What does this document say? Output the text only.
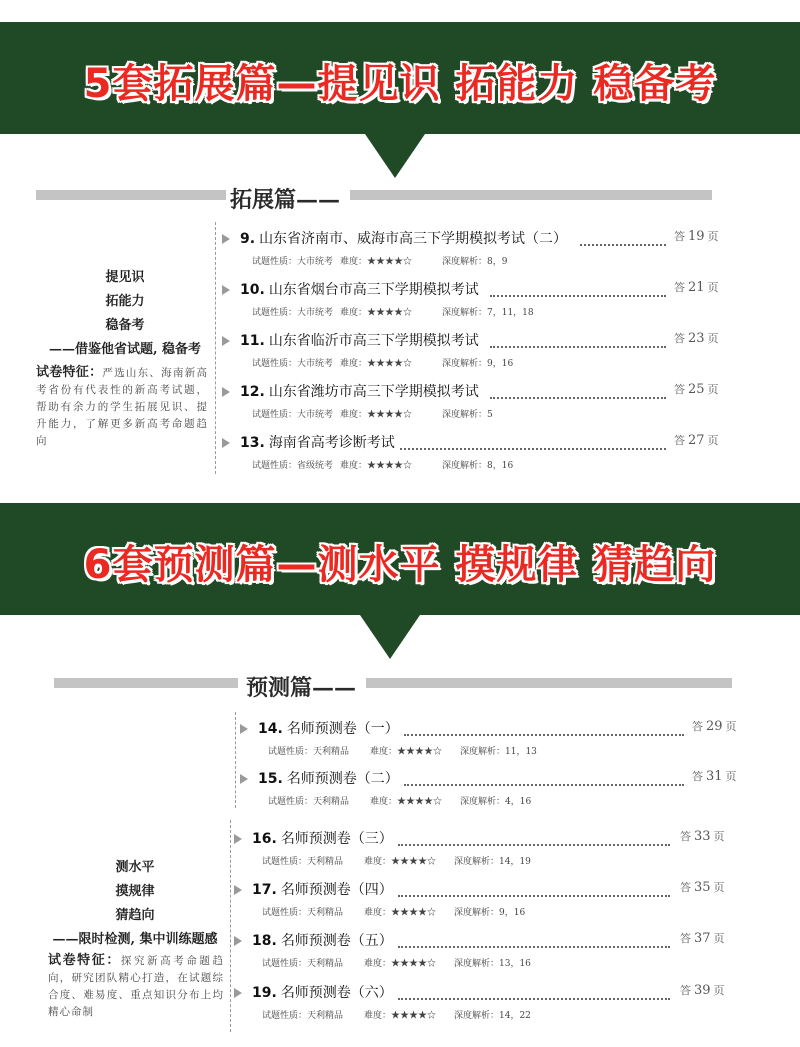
5套拓展篇—提见识 拓能力 稳备考
拓展篇——
提见识
拓能力
稳备考
——借鉴他省试题, 稳备考
试卷特征：严选山东、海南新高考省份有代表性的新高考试题，帮助有余力的学生拓展见识、提升能力，了解更多新高考命题趋向
9. 山东省济南市、威海市高三下学期模拟考试（二）	答 19 页
试题性质：大市统考 难度：★★★★☆	深度解析：8，9
10. 山东省烟台市高三下学期模拟考试	答 21 页
试题性质：大市统考 难度：★★★★☆	深度解析：7，11，18
11. 山东省临沂市高三下学期模拟考试	答 23 页
试题性质：大市统考 难度：★★★★☆	深度解析：9，16
12. 山东省潍坊市高三下学期模拟考试	答 25 页
试题性质：大市统考 难度：★★★★☆	深度解析：5
13. 海南省高考诊断考试	答 27 页
试题性质：省级统考 难度：★★★★☆	深度解析：8，16
6套预测篇—测水平 摸规律 猜趋向
预测篇——
测水平
摸规律
猜趋向
——限时检测, 集中训练题感
试卷特征：探究新高考命题趋向，研究团队精心打造，在试题综合度、难易度、重点知识分布上均精心命制
14. 名师预测卷（一）	答 29 页
试题性质：天利精品 难度：★★★★☆ 深度解析：11，13
15. 名师预测卷（二）	答 31 页
试题性质：天利精品 难度：★★★★☆ 深度解析：4，16
16. 名师预测卷（三）	答 33 页
试题性质：天利精品 难度：★★★★☆ 深度解析：14，19
17. 名师预测卷（四）	答 35 页
试题性质：天利精品 难度：★★★★☆ 深度解析：9，16
18. 名师预测卷（五）	答 37 页
试题性质：天利精品 难度：★★★★☆ 深度解析：13，16
19. 名师预测卷（六）	答 39 页
试题性质：天利精品 难度：★★★★☆ 深度解析：14，22
